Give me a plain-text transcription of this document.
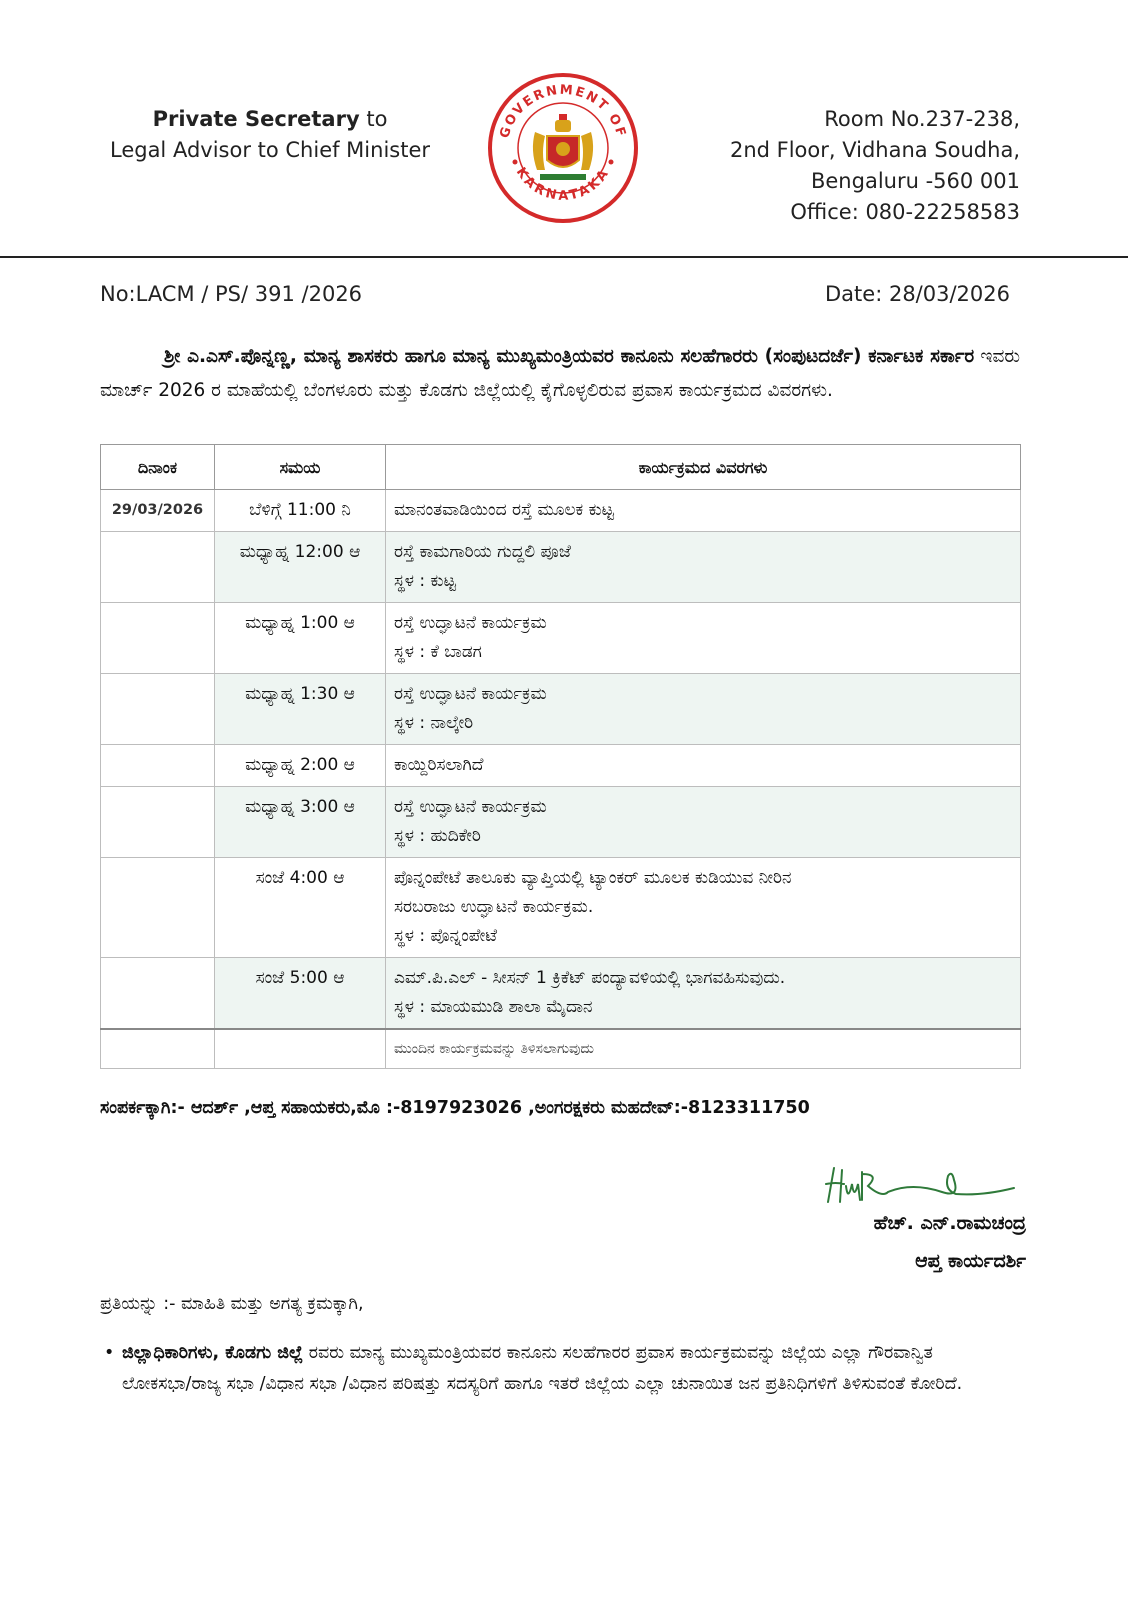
Private Secretary to
Legal Advisor to Chief Minister
GOVERNMENT OF
KARNATAKA
Room No.237-238,
2nd Floor, Vidhana Soudha,
Bengaluru -560 001
Office: 080-22258583
No:LACM / PS/ 391 /2026	Date: 28/03/2026
ಶ್ರೀ ಎ.ಎಸ್.ಪೊನ್ನಣ್ಣ, ಮಾನ್ಯ ಶಾಸಕರು ಹಾಗೂ ಮಾನ್ಯ ಮುಖ್ಯಮಂತ್ರಿಯವರ ಕಾನೂನು ಸಲಹೆಗಾರರು (ಸಂಪುಟದರ್ಜೆ) ಕರ್ನಾಟಕ ಸರ್ಕಾರ ಇವರು ಮಾರ್ಚ್ 2026 ರ ಮಾಹೆಯಲ್ಲಿ ಬೆಂಗಳೂರು ಮತ್ತು ಕೊಡಗು ಜಿಲ್ಲೆಯಲ್ಲಿ ಕೈಗೊಳ್ಳಲಿರುವ ಪ್ರವಾಸ ಕಾರ್ಯಕ್ರಮದ ವಿವರಗಳು.
ದಿನಾಂಕ	ಸಮಯ	ಕಾರ್ಯಕ್ರಮದ ವಿವರಗಳು
29/03/2026	ಬೆಳಿಗ್ಗೆ 11:00 ನಿ	ಮಾನಂತವಾಡಿಯಿಂದ ರಸ್ತೆ ಮೂಲಕ ಕುಟ್ಟ

	ಮಧ್ಯಾಹ್ನ 12:00 ಆ	ರಸ್ತೆ ಕಾಮಗಾರಿಯ ಗುದ್ದಲಿ ಪೂಜೆ
ಸ್ಥಳ : ಕುಟ್ಟ

	ಮಧ್ಯಾಹ್ನ 1:00 ಆ	ರಸ್ತೆ ಉದ್ಘಾಟನೆ ಕಾರ್ಯಕ್ರಮ
ಸ್ಥಳ : ಕೆ ಬಾಡಗ

	ಮಧ್ಯಾಹ್ನ 1:30 ಆ	ರಸ್ತೆ ಉದ್ಘಾಟನೆ ಕಾರ್ಯಕ್ರಮ
ಸ್ಥಳ : ನಾಲ್ಕೇರಿ

	ಮಧ್ಯಾಹ್ನ 2:00 ಆ	ಕಾಯ್ದಿರಿಸಲಾಗಿದೆ

	ಮಧ್ಯಾಹ್ನ 3:00 ಆ	ರಸ್ತೆ ಉದ್ಘಾಟನೆ ಕಾರ್ಯಕ್ರಮ
ಸ್ಥಳ : ಹುದಿಕೇರಿ

	ಸಂಜೆ 4:00 ಆ	ಪೊನ್ನಂಪೇಟೆ ತಾಲೂಕು ವ್ಯಾಪ್ತಿಯಲ್ಲಿ ಟ್ಯಾಂಕರ್ ಮೂಲಕ ಕುಡಿಯುವ ನೀರಿನ
ಸರಬರಾಜು ಉದ್ಘಾಟನೆ ಕಾರ್ಯಕ್ರಮ.
ಸ್ಥಳ : ಪೊನ್ನಂಪೇಟೆ

	ಸಂಜೆ 5:00 ಆ	ಎಮ್.ಪಿ.ಎಲ್ - ಸೀಸನ್ 1 ಕ್ರಿಕೆಟ್ ಪಂದ್ಯಾವಳಿಯಲ್ಲಿ ಭಾಗವಹಿಸುವುದು.
ಸ್ಥಳ : ಮಾಯಮುಡಿ ಶಾಲಾ ಮೈದಾನ

		ಮುಂದಿನ ಕಾರ್ಯಕ್ರಮವನ್ನು ತಿಳಿಸಲಾಗುವುದು
ಸಂಪರ್ಕಕ್ಕಾಗಿ:- ಆದರ್ಶ್ ,ಆಪ್ತ ಸಹಾಯಕರು,ಮೊ :-8197923026 ,ಅಂಗರಕ್ಷಕರು ಮಹದೇವ್:-8123311750
ಹೆಚ್. ಎನ್.ರಾಮಚಂದ್ರ
ಆಪ್ತ ಕಾರ್ಯದರ್ಶಿ
ಪ್ರತಿಯನ್ನು :- ಮಾಹಿತಿ ಮತ್ತು ಅಗತ್ಯ ಕ್ರಮಕ್ಕಾಗಿ,
• ಜಿಲ್ಲಾಧಿಕಾರಿಗಳು, ಕೊಡಗು ಜಿಲ್ಲೆ ರವರು ಮಾನ್ಯ ಮುಖ್ಯಮಂತ್ರಿಯವರ ಕಾನೂನು ಸಲಹೆಗಾರರ ಪ್ರವಾಸ ಕಾರ್ಯಕ್ರಮವನ್ನು ಜಿಲ್ಲೆಯ ಎಲ್ಲಾ ಗೌರವಾನ್ವಿತ ಲೋಕಸಭಾ/ರಾಜ್ಯ ಸಭಾ /ವಿಧಾನ ಸಭಾ /ವಿಧಾನ ಪರಿಷತ್ತು ಸದಸ್ಯರಿಗೆ ಹಾಗೂ ಇತರೆ ಜಿಲ್ಲೆಯ ಎಲ್ಲಾ ಚುನಾಯಿತ ಜನ ಪ್ರತಿನಿಧಿಗಳಿಗೆ ತಿಳಿಸುವಂತೆ ಕೋರಿದೆ.
